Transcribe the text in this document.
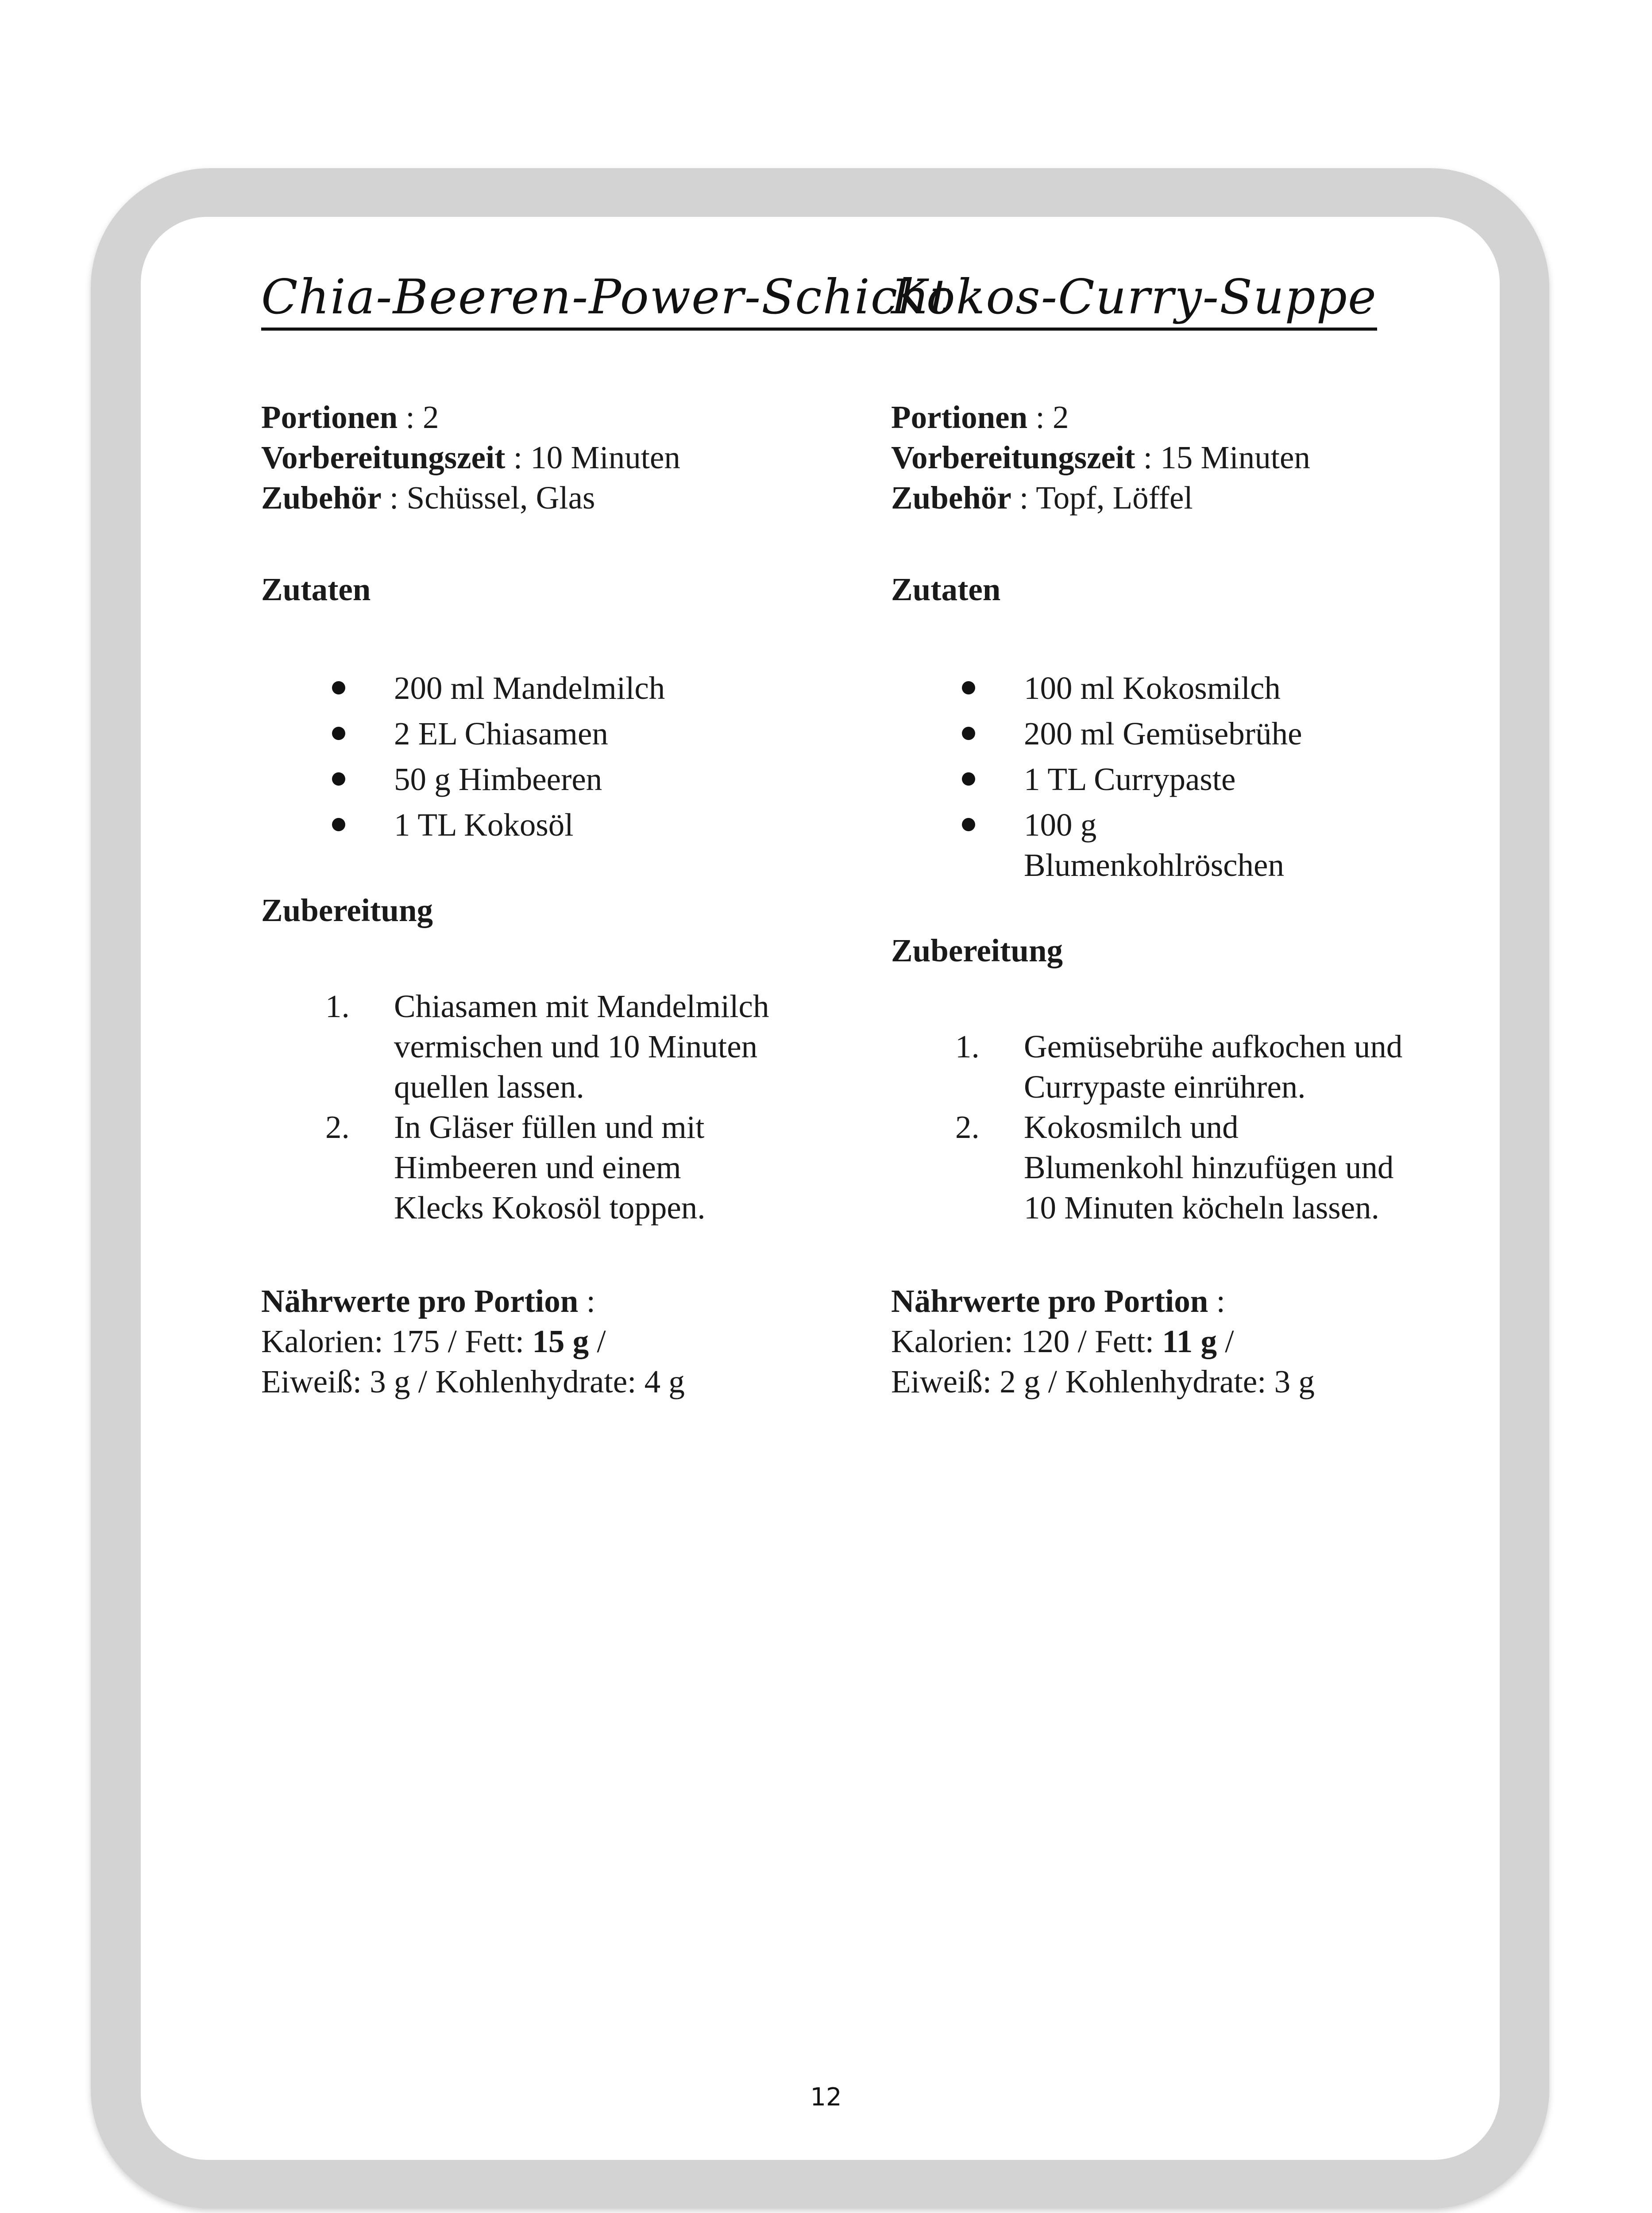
Chia-Beeren-Power-Schicht
Portionen : 2
Vorbereitungszeit : 10 Minuten
Zubehör : Schüssel, Glas
Zutaten
200 ml Mandelmilch
2 EL Chiasamen
50 g Himbeeren
1 TL Kokosöl
Zubereitung
1. Chiasamen mit Mandelmilch vermischen und 10 Minuten quellen lassen.
2. In Gläser füllen und mit Himbeeren und einem Klecks Kokosöl toppen.
Nährwerte pro Portion :
Kalorien: 175 / Fett: 15 g /
Eiweiß: 3 g / Kohlenhydrate: 4 g
Kokos-Curry-Suppe
Portionen : 2
Vorbereitungszeit : 15 Minuten
Zubehör : Topf, Löffel
Zutaten
100 ml Kokosmilch
200 ml Gemüsebrühe
1 TL Currypaste
100 g Blumenkohlröschen
Zubereitung
1. Gemüsebrühe aufkochen und Currypaste einrühren.
2. Kokosmilch und Blumenkohl hinzufügen und 10 Minuten köcheln lassen.
Nährwerte pro Portion :
Kalorien: 120 / Fett: 11 g /
Eiweiß: 2 g / Kohlenhydrate: 3 g
12
